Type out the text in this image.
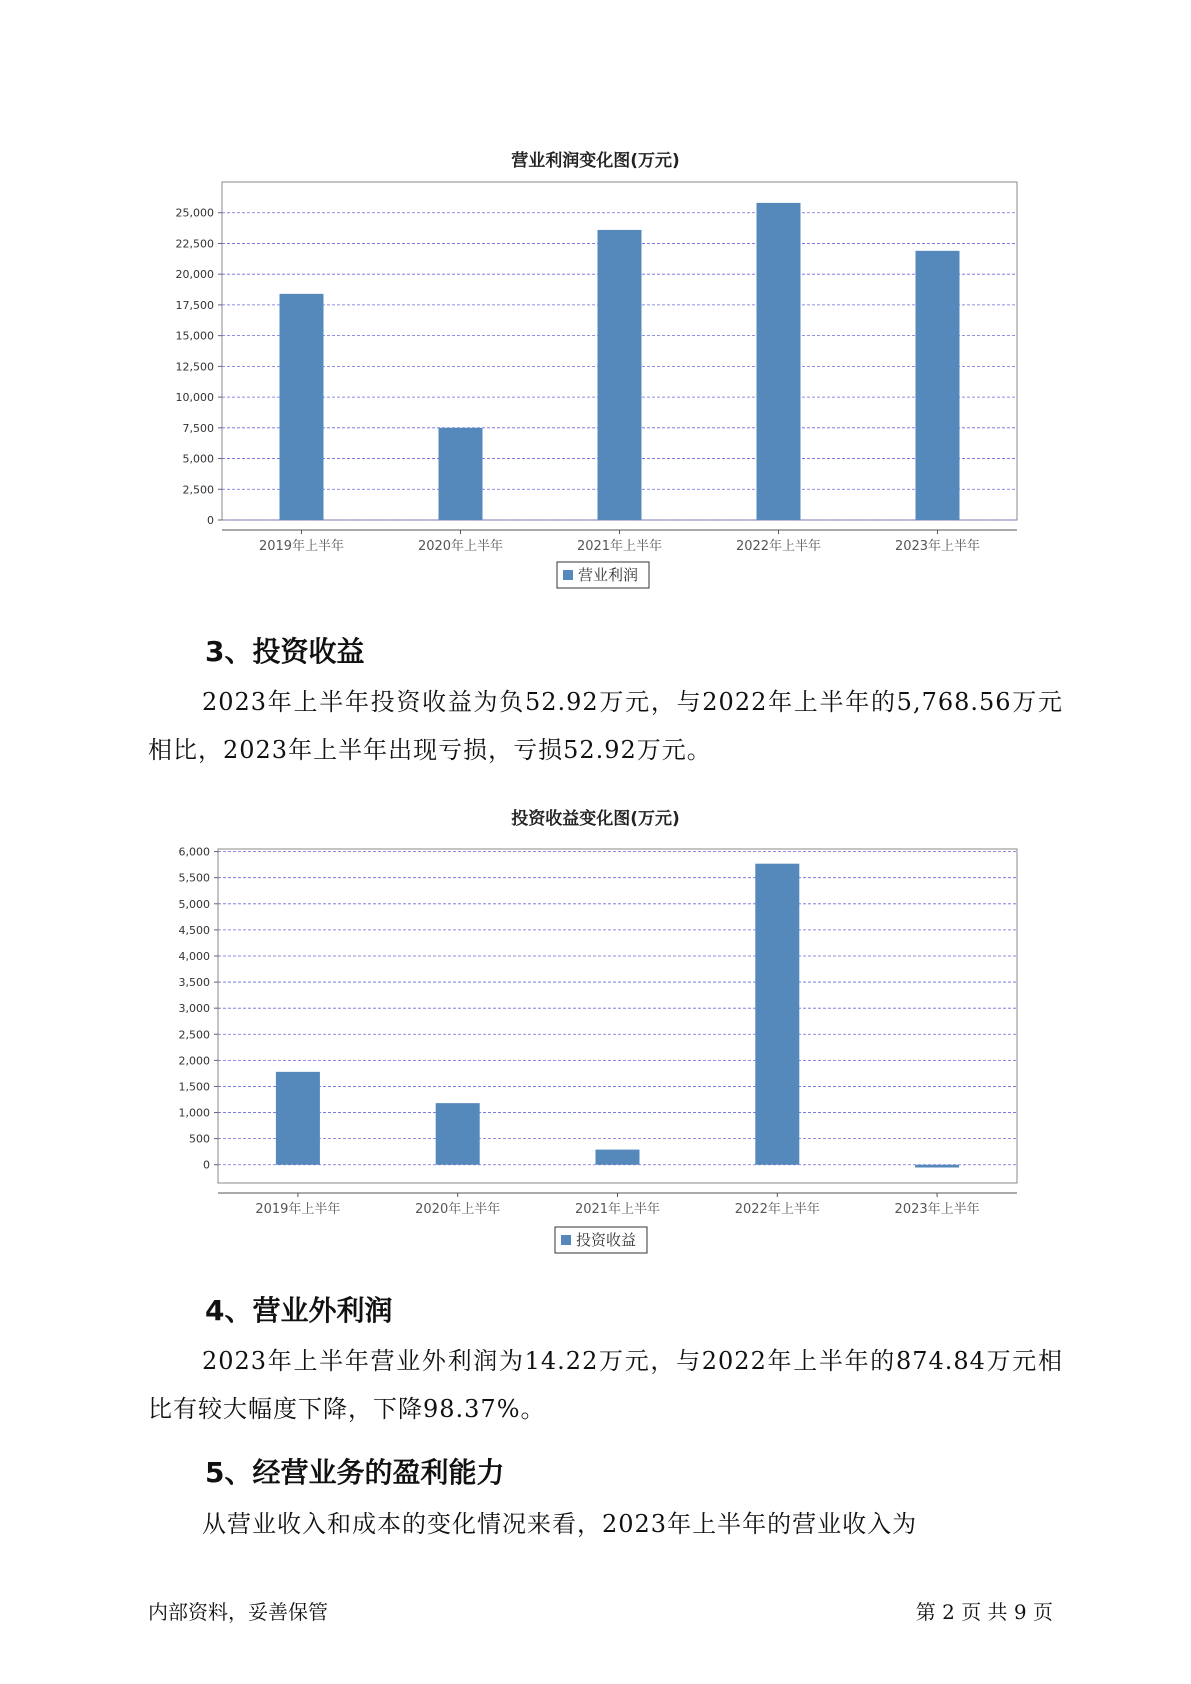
营业利润变化图(万元)
0
2,500
5,000
7,500
10,000
12,500
15,000
17,500
20,000
22,500
25,000
2019年上半年	2020年上半年	2021年上半年	2022年上半年	2023年上半年
营业利润
3、投资收益
2023年上半年投资收益为负52.92万元，与2022年上半年的5,768.56万元相比，2023年上半年出现亏损，亏损52.92万元。
投资收益变化图(万元)
0
500
1,000
1,500
2,000
2,500
3,000
3,500
4,000
4,500
5,000
5,500
6,000
2019年上半年	2020年上半年	2021年上半年	2022年上半年	2023年上半年
投资收益
4、营业外利润
2023年上半年营业外利润为14.22万元，与2022年上半年的874.84万元相比有较大幅度下降，下降98.37%。
5、经营业务的盈利能力
从营业收入和成本的变化情况来看，2023年上半年的营业收入为
内部资料，妥善保管	第 2 页 共 9 页
